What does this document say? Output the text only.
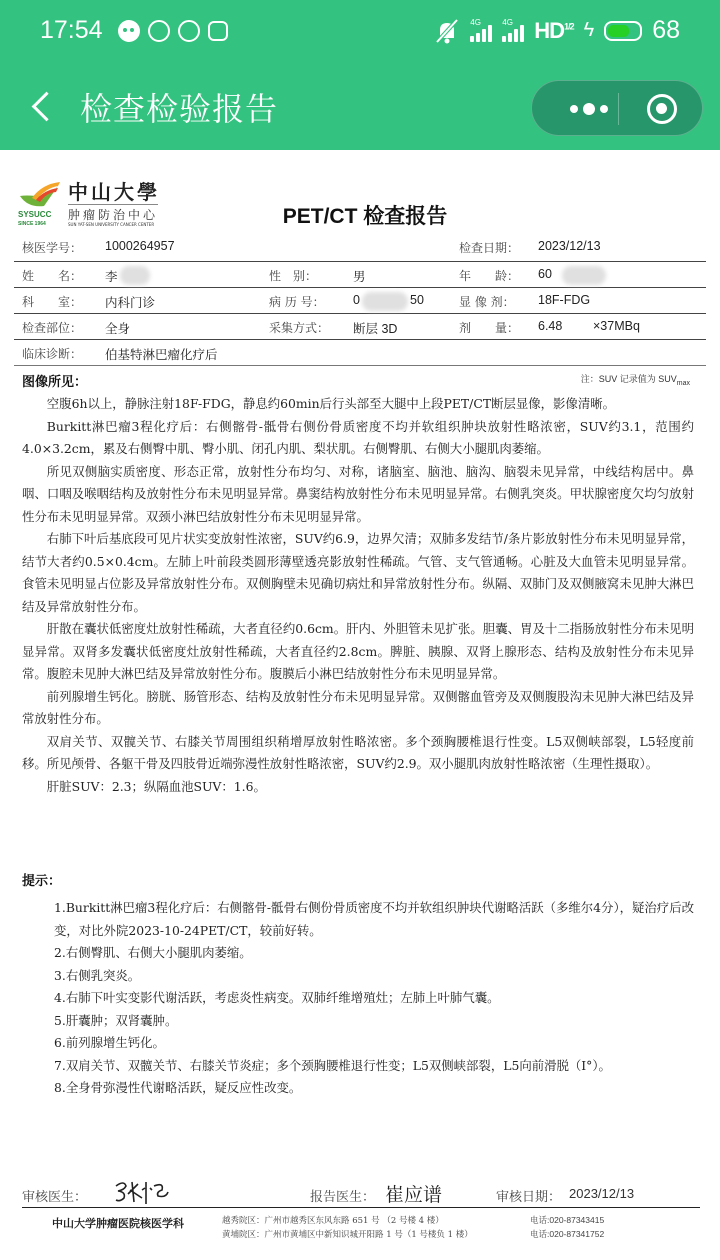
17:54	4G	4G $HD^{1/2}$ ϟ 68
检查检验报告
SYSUCC
SINCE 1964
中山大學
肿瘤防治中心
SUN YAT-SEN UNIVERSITY CANCER CENTER	PET/CT 检查报告
核医学号： 1000264957	检查日期： 2023/12/13
姓　　名： 李	性　别：	男	年　　龄： 60
科　　室： 内科门诊	病 历 号： 0	50	显 像 剂： 18F-FDG
检查部位： 全身	采集方式： 断层 3D	剂　　量： 6.48 ×37MBq
临床诊断： 伯基特淋巴瘤化疗后
图像所见：	注：SUV 记录值为 $SUV_{max}$

空腹6h以上，静脉注射18F-FDG，静息约60min后行头部至大腿中上段PET/CT断层显像，影像清晰。

Burkitt淋巴瘤3程化疗后：右侧髂骨-骶骨右侧份骨质密度不均并软组织肿块放射性略浓密，SUV约3.1，范围约4.0×3.2cm，累及右侧臀中肌、臀小肌、闭孔内肌、梨状肌。右侧臀肌、右侧大小腿肌肉萎缩。

所见双侧脑实质密度、形态正常，放射性分布均匀、对称，诸脑室、脑池、脑沟、脑裂未见异常，中线结构居中。鼻咽、口咽及喉咽结构及放射性分布未见明显异常。鼻窦结构放射性分布未见明显异常。右侧乳突炎。甲状腺密度欠均匀放射性分布未见明显异常。双颈小淋巴结放射性分布未见明显异常。

右肺下叶后基底段可见片状实变放射性浓密，SUV约6.9，边界欠清；双肺多发结节/条片影放射性分布未见明显异常，结节大者约0.5×0.4cm。左肺上叶前段类圆形薄壁透亮影放射性稀疏。气管、支气管通畅。心脏及大血管未见明显异常。食管未见明显占位影及异常放射性分布。双侧胸壁未见确切病灶和异常放射性分布。纵隔、双肺门及双侧腋窝未见肿大淋巴结及异常放射性分布。

肝散在囊状低密度灶放射性稀疏，大者直径约0.6cm。肝内、外胆管未见扩张。胆囊、胃及十二指肠放射性分布未见明显异常。双肾多发囊状低密度灶放射性稀疏，大者直径约2.8cm。脾脏、胰腺、双肾上腺形态、结构及放射性分布未见异常。腹腔未见肿大淋巴结及异常放射性分布。腹膜后小淋巴结放射性分布未见明显异常。

前列腺增生钙化。膀胱、肠管形态、结构及放射性分布未见明显异常。双侧髂血管旁及双侧腹股沟未见肿大淋巴结及异常放射性分布。

双肩关节、双髋关节、右膝关节周围组织稍增厚放射性略浓密。多个颈胸腰椎退行性变。L5双侧峡部裂，L5轻度前移。所见颅骨、各躯干骨及四肢骨近端弥漫性放射性略浓密，SUV约2.9。双小腿肌肉放射性略浓密（生理性摄取）。

肝脏SUV：2.3；纵隔血池SUV：1.6。

提示：

1.Burkitt淋巴瘤3程化疗后：右侧髂骨-骶骨右侧份骨质密度不均并软组织肿块代谢略活跃（多维尔4分），疑治疗后改变，对比外院2023-10-24PET/CT，较前好转。

2.右侧臀肌、右侧大小腿肌肉萎缩。

3.右侧乳突炎。

4.右肺下叶实变影代谢活跃，考虑炎性病变。双肺纤维增殖灶；左肺上叶肺气囊。

5.肝囊肿；双肾囊肿。

6.前列腺增生钙化。

7.双肩关节、双髋关节、右膝关节炎症；多个颈胸腰椎退行性变；L5双侧峡部裂，L5向前滑脱（I°）。

8.全身骨弥漫性代谢略活跃，疑反应性改变。

审核医生：	报告医生： 崔应谱	审核日期： 2023/12/13
中山大学肿瘤医院核医学科	越秀院区：广州市越秀区东风东路 651 号 （2 号楼 4 楼）
黄埔院区：广州市黄埔区中新知识城开阳路 1 号（1 号楼负 1 楼）
电话:020-87343415
电话:020-87341752
